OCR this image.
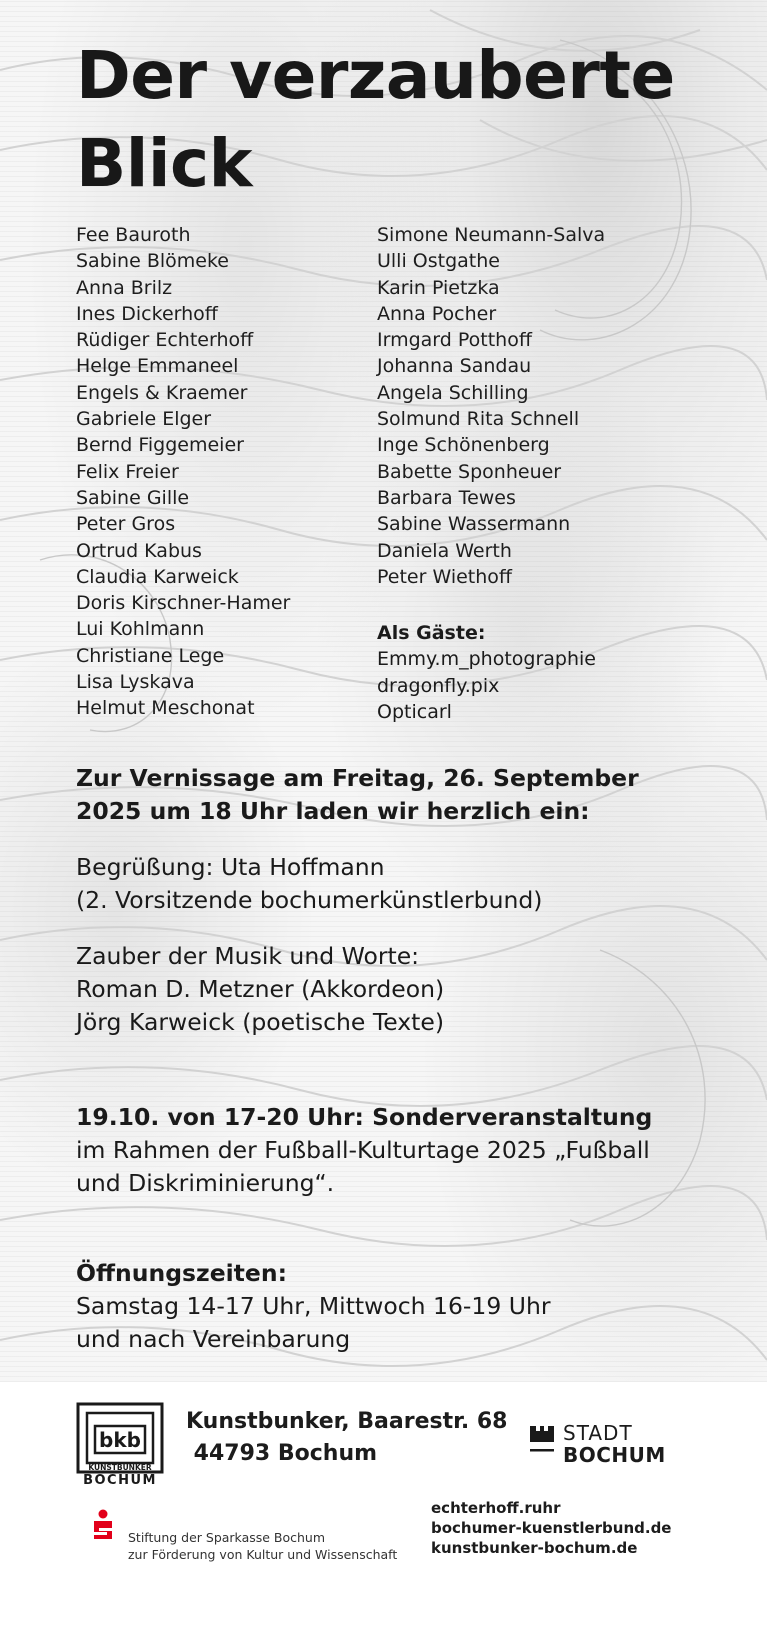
Der verzauberte
Blick
Fee Bauroth
Sabine Blömeke
Anna Brilz
Ines Dickerhoff
Rüdiger Echterhoff
Helge Emmaneel
Engels & Kraemer
Gabriele Elger
Bernd Figgemeier
Felix Freier
Sabine Gille
Peter Gros
Ortrud Kabus
Claudia Karweick
Doris Kirschner-Hamer
Lui Kohlmann
Christiane Lege
Lisa Lyskava
Helmut Meschonat
Simone Neumann-Salva
Ulli Ostgathe
Karin Pietzka
Anna Pocher
Irmgard Potthoff
Johanna Sandau
Angela Schilling
Solmund Rita Schnell
Inge Schönenberg
Babette Sponheuer
Barbara Tewes
Sabine Wassermann
Daniela Werth
Peter Wiethoff
Als Gäste:
Emmy.m_photographie
dragonfly.pix
Opticarl
Zur Vernissage am Freitag, 26. September
2025 um 18 Uhr laden wir herzlich ein:
Begrüßung: Uta Hoffmann
(2. Vorsitzende bochumerkünstlerbund)
Zauber der Musik und Worte:
Roman D. Metzner (Akkordeon)
Jörg Karweick (poetische Texte)
19.10. von 17-20 Uhr: Sonderveranstaltung
im Rahmen der Fußball-Kulturtage 2025 „Fußball
und Diskriminierung“.
Öffnungszeiten:
Samstag 14-17 Uhr, Mittwoch 16-19 Uhr
und nach Vereinbarung
bkb
KUNSTBUNKER
BOCHUM
Kunstbunker, Baarestr. 68
44793 Bochum
STADT
BOCHUM
Stiftung der Sparkasse Bochum
zur Förderung von Kultur und Wissenschaft
echterhoff.ruhr
bochumer-kuenstlerbund.de
kunstbunker-bochum.de
